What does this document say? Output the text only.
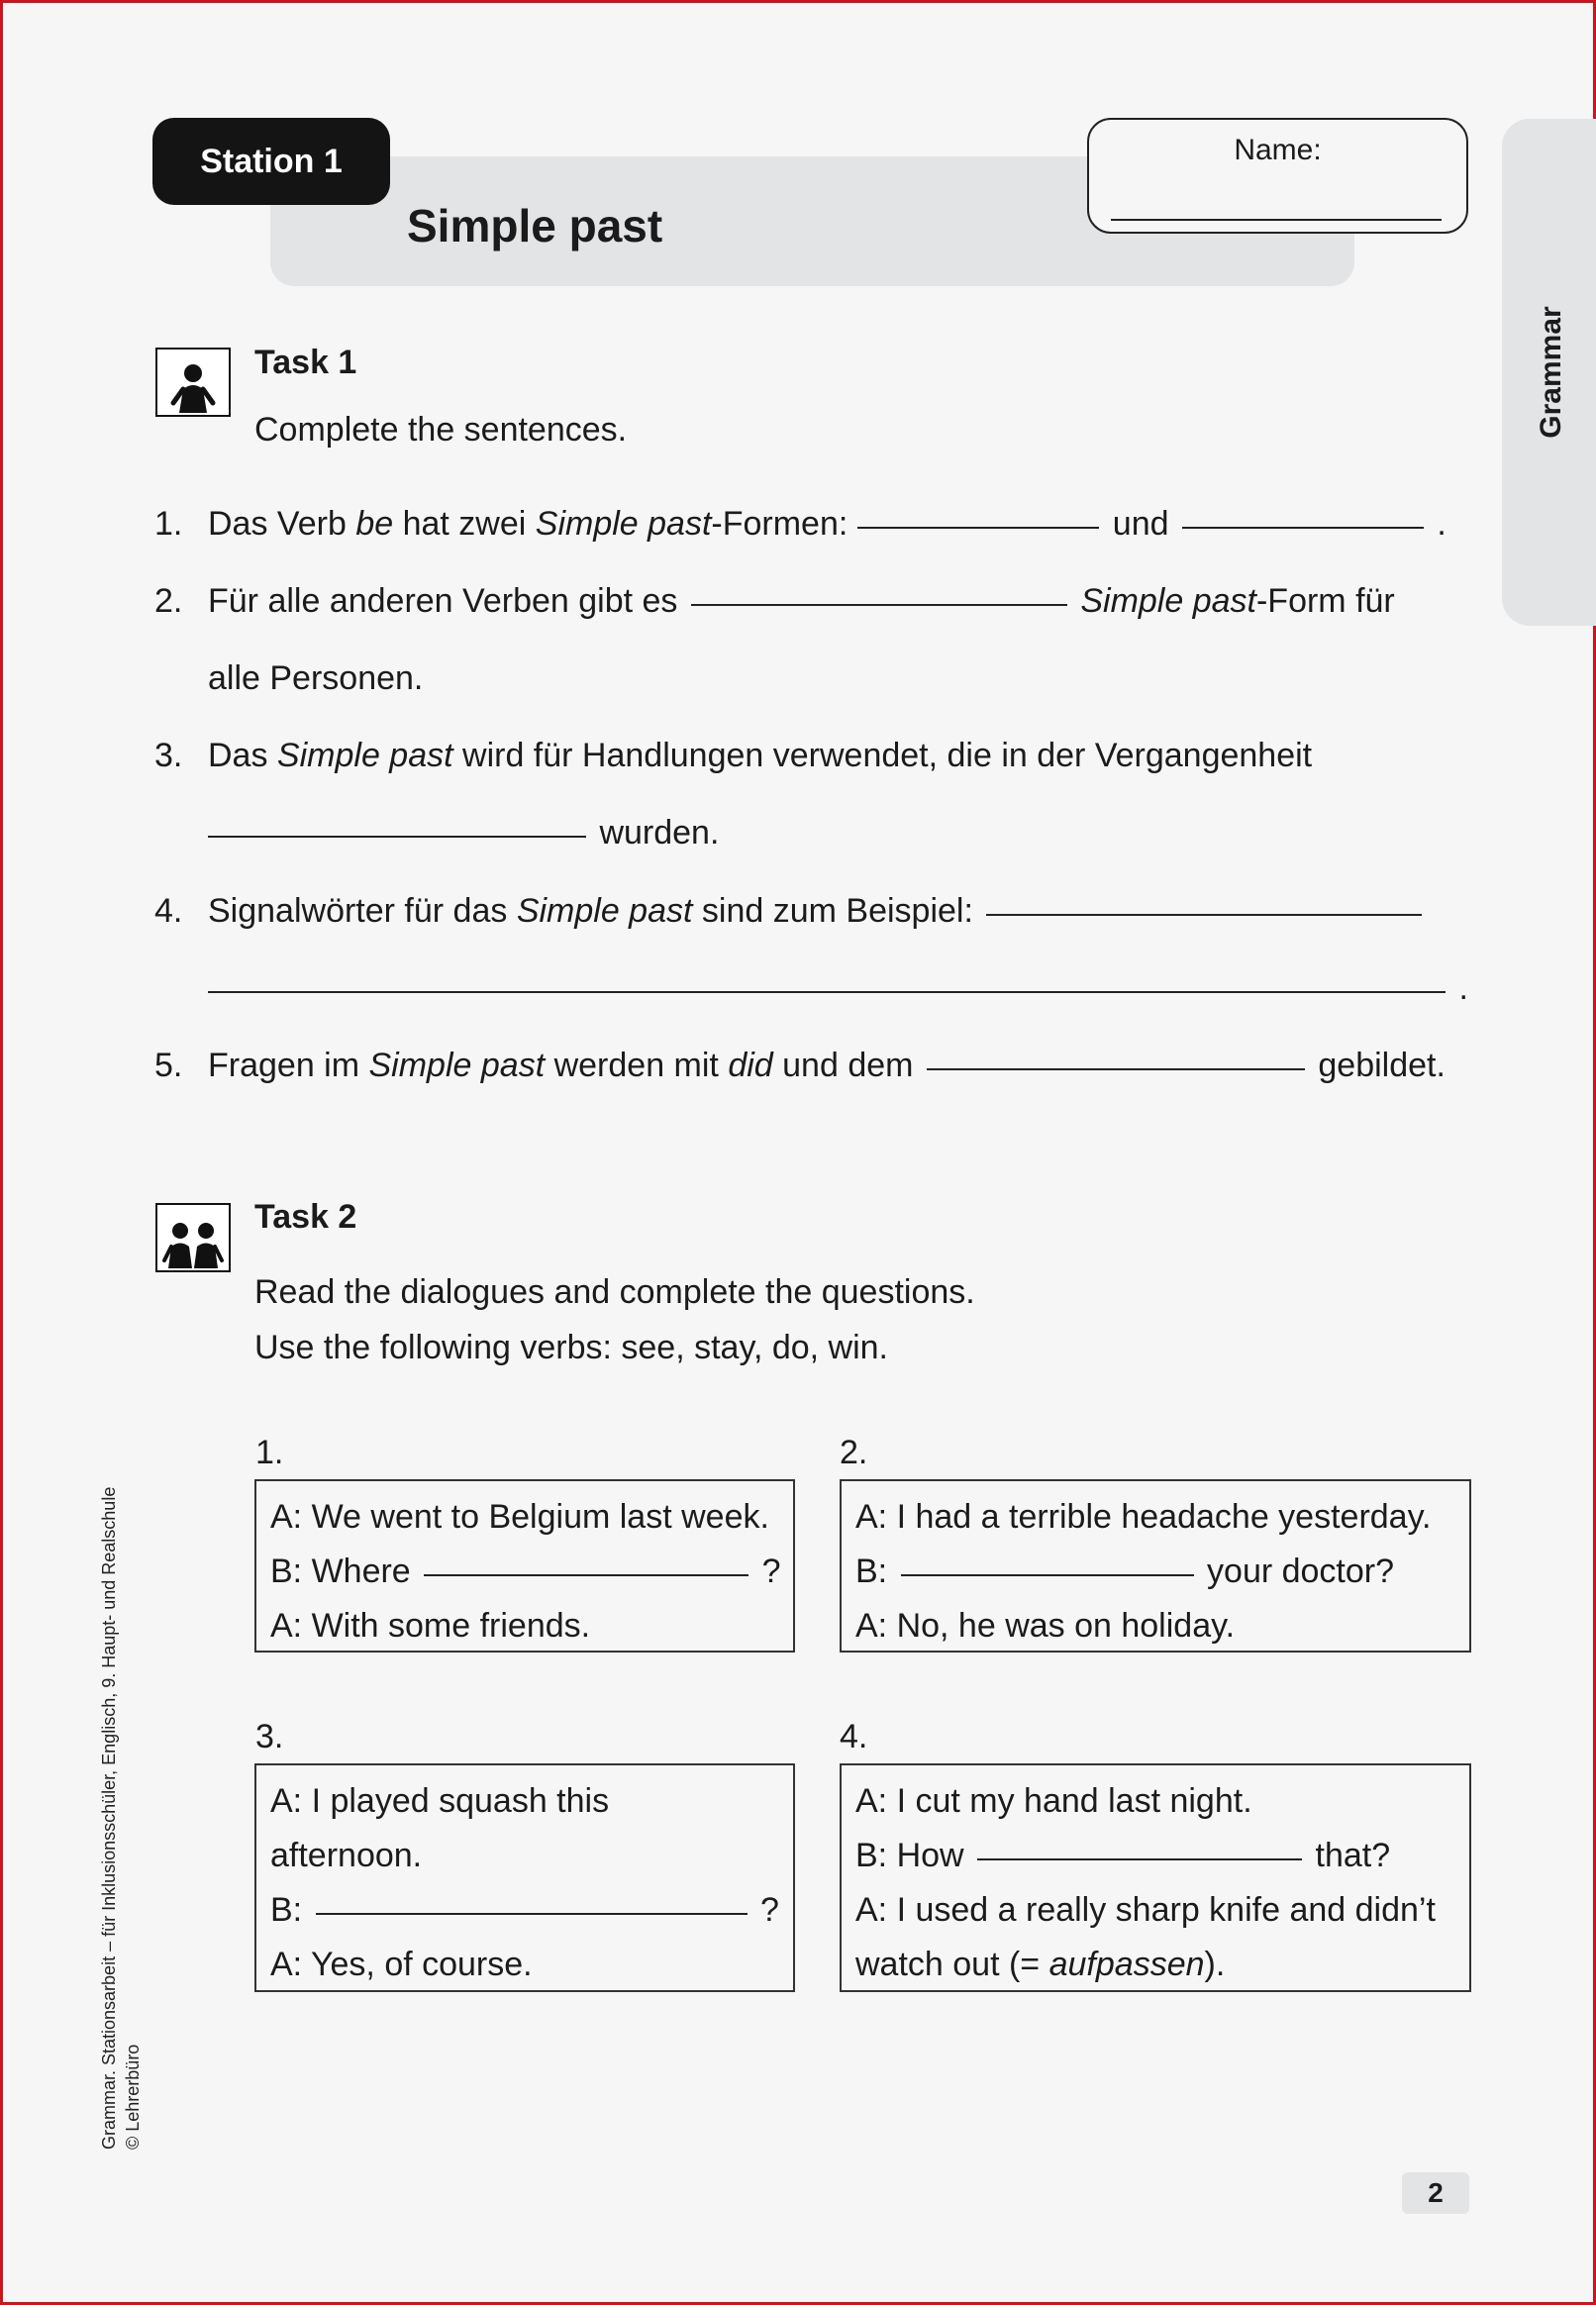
Station 1
Simple past
Name:
Grammar
Task 1
Complete the sentences.
1. Das Verb be hat zwei Simple past-Formen:	und	.
2. Für alle anderen Verben gibt es	Simple past-Form für
alle Personen.
3. Das Simple past wird für Handlungen verwendet, die in der Vergangenheit
wurden.
4. Signalwörter für das Simple past sind zum Beispiel:
.
5. Fragen im Simple past werden mit did und dem	gebildet.
Task 2
Read the dialogues and complete the questions.
Use the following verbs: see, stay, do, win.
1.
A: We went to Belgium last week.
B: Where	?
A: With some friends.
2.
A: I had a terrible headache yesterday.
B:	your doctor?
A: No, he was on holiday.
3.
A: I played squash this
afternoon.
B:	?
A: Yes, of course.
4.
A: I cut my hand last night.
B: How	that?
A: I used a really sharp knife and didn’t
watch out (= aufpassen).
Grammar. Stationsarbeit – für Inklusionsschüler, Englisch, 9. Haupt- und Realschule © Lehrerbüro
2
